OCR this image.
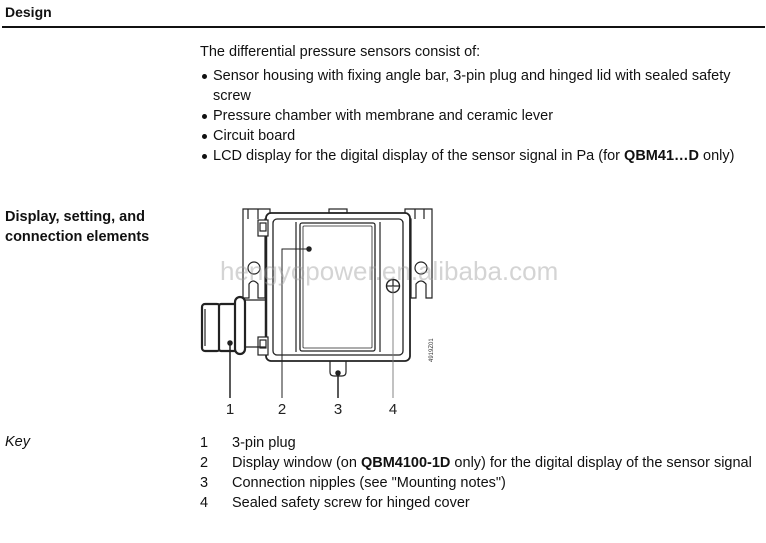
Design
The differential pressure sensors consist of:
Sensor housing with fixing angle bar, 3-pin plug and hinged lid with sealed safety screw
Pressure chamber with membrane and ceramic lever
Circuit board
LCD display for the digital display of the sensor signal in Pa (for QBM41…D only)
Display, setting, and
connection elements
1	2	3	4
4919Z01
hengyopower.en.alibaba.com
Key	1 3-pin plug
2 Display window (on QBM4100-1D only) for the digital display of the sensor signal
3 Connection nipples (see "Mounting notes")
4 Sealed safety screw for hinged cover
